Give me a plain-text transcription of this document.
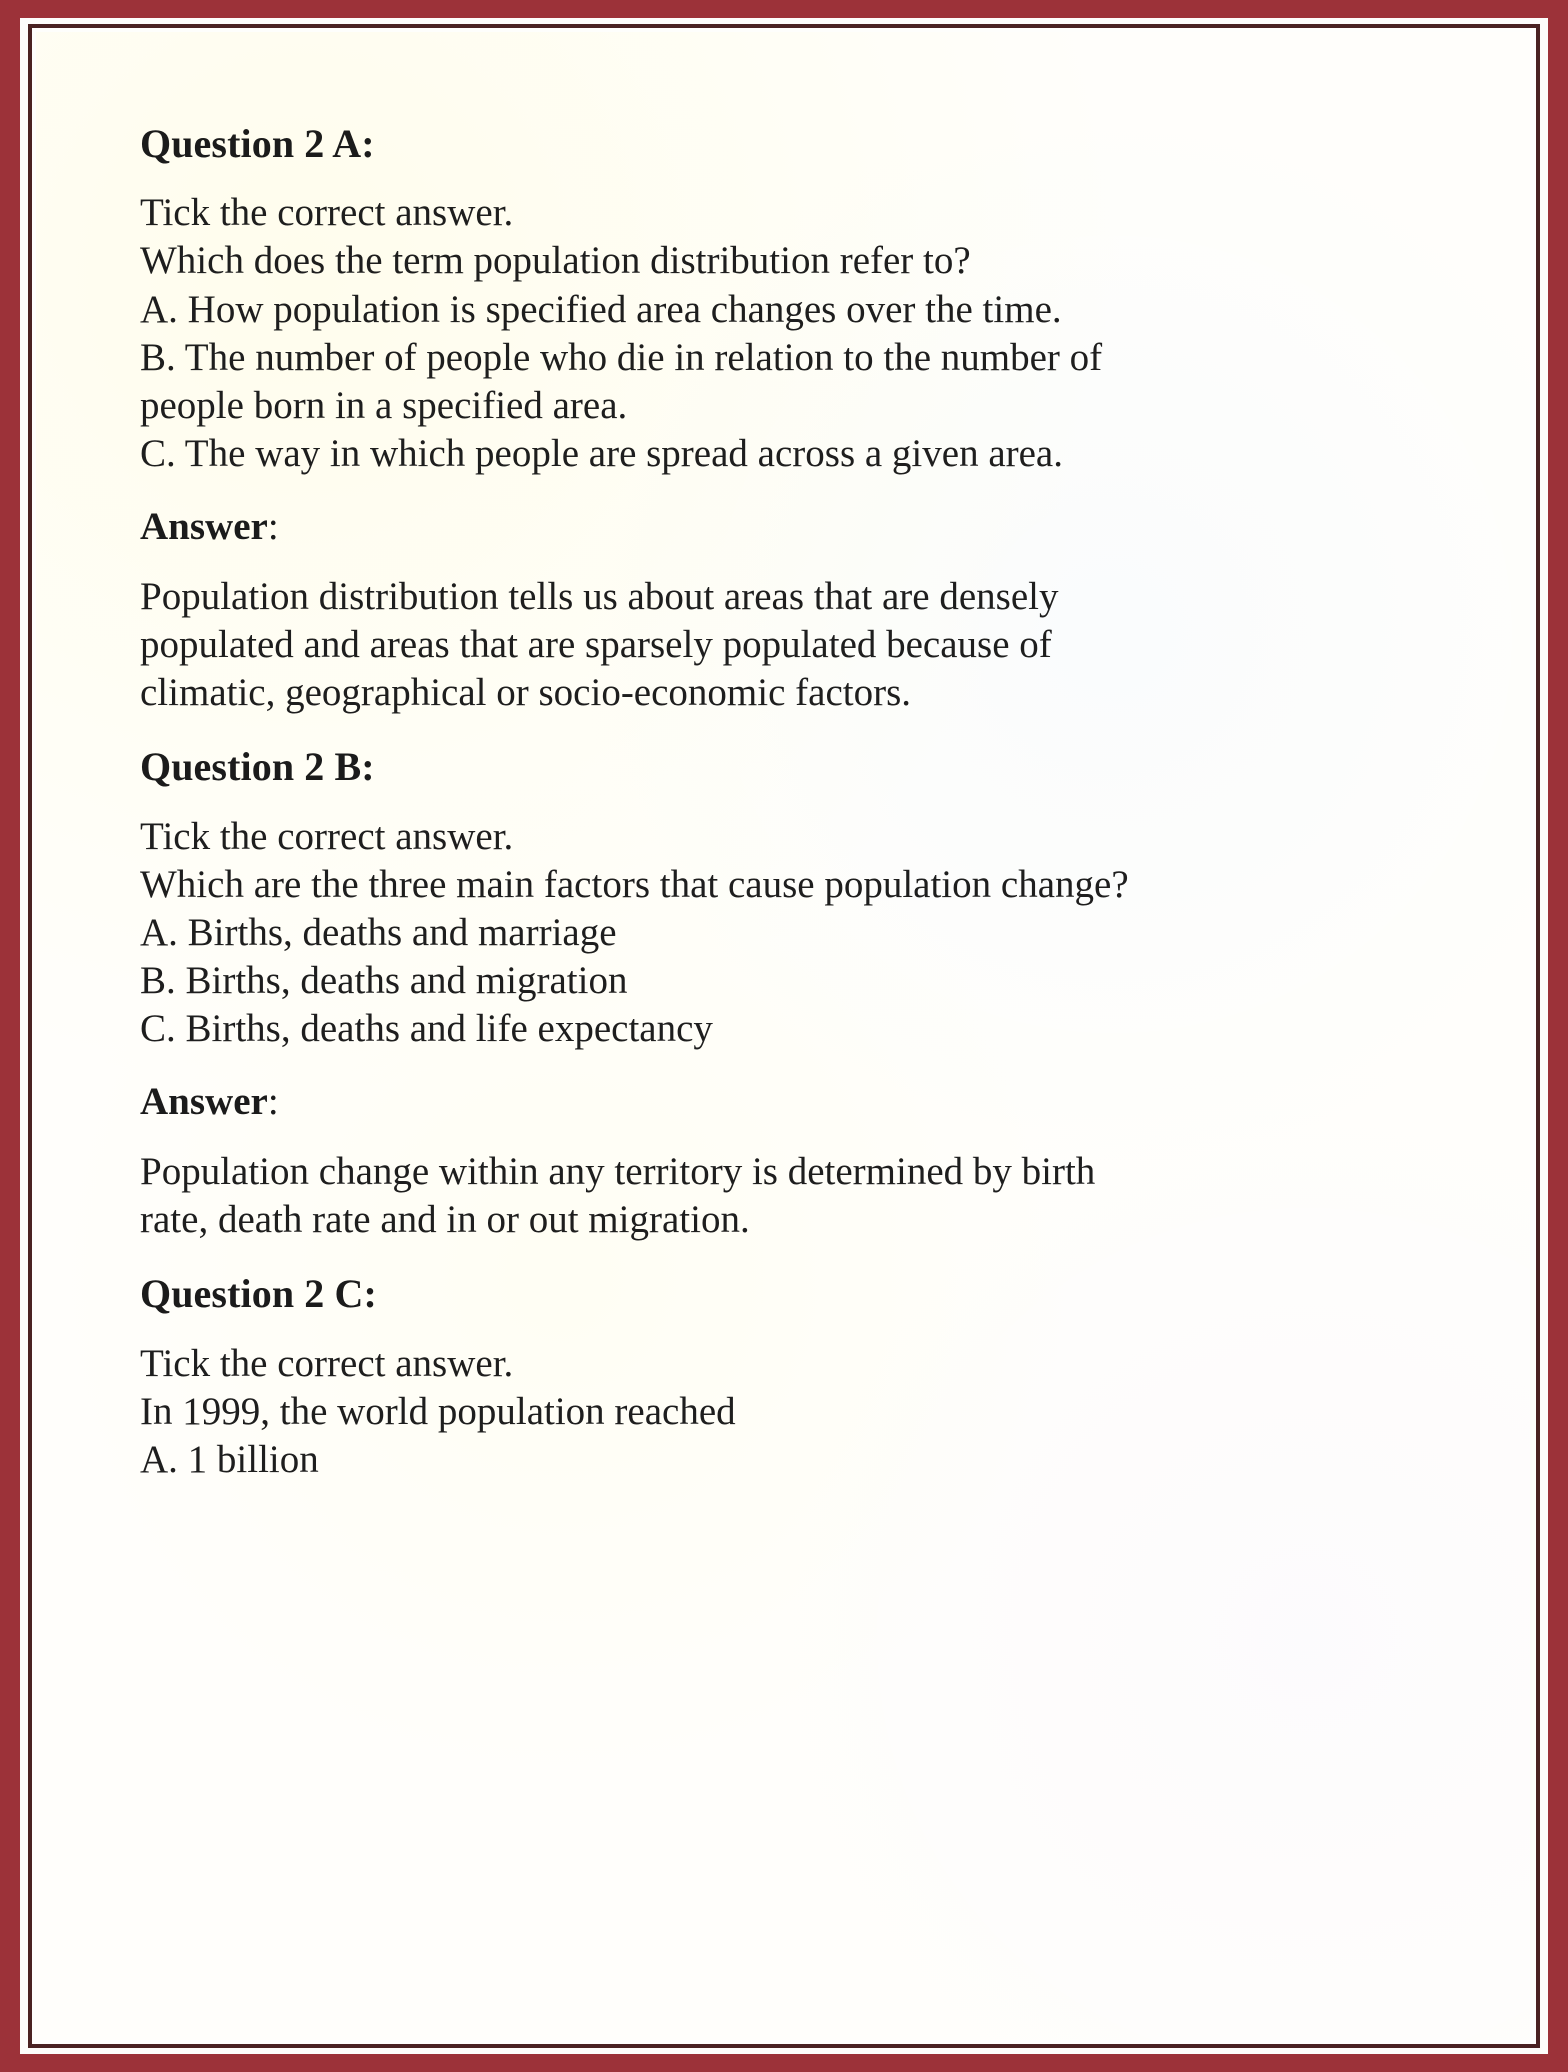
Question 2 A:
Tick the correct answer.
Which does the term population distribution refer to?
A. How population is specified area changes over the time.
B. The number of people who die in relation to the number of
people born in a specified area.
C. The way in which people are spread across a given area.
Answer:
Population distribution tells us about areas that are densely
populated and areas that are sparsely populated because of
climatic, geographical or socio-economic factors.
Question 2 B:
Tick the correct answer.
Which are the three main factors that cause population change?
A. Births, deaths and marriage
B. Births, deaths and migration
C. Births, deaths and life expectancy
Answer:
Population change within any territory is determined by birth
rate, death rate and in or out migration.
Question 2 C:
Tick the correct answer.
In 1999, the world population reached
A. 1 billion
